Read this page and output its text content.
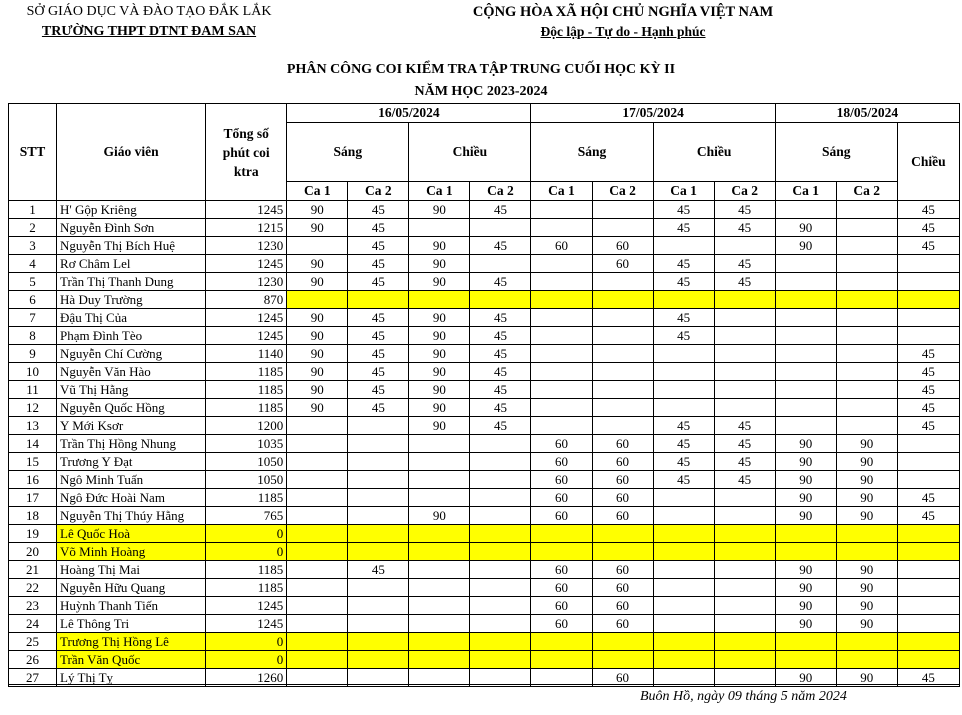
SỞ GIÁO DỤC VÀ ĐÀO TẠO ĐẮK LẮK
TRƯỜNG THPT DTNT ĐAM SAN
CỘNG HÒA XÃ HỘI CHỦ NGHĨA VIỆT NAM
Độc lập - Tự do - Hạnh phúc
PHÂN CÔNG COI KIỂM TRA TẬP TRUNG CUỐI HỌC KỲ II
NĂM HỌC 2023-2024
STT	Giáo viên	Tổng số phút coi ktra	16/05/2024				17/05/2024				18/05/2024		
			Sáng		Chiều		Sáng		Chiều		Sáng		Chiều
			Ca 1	Ca 2	Ca 1	Ca 2	Ca 1	Ca 2	Ca 1	Ca 2	Ca 1	Ca 2	
1	H' Gộp Kriêng	1245	90	45	90	45			45	45			45
2	Nguyễn Đình Sơn	1215	90	45					45	45	90		45
3	Nguyễn Thị Bích Huệ	1230		45	90	45	60	60			90		45
4	Rơ Châm Lel	1245	90	45	90			60	45	45			
5	Trần Thị Thanh Dung	1230	90	45	90	45			45	45			
6	Hà Duy Trường	870											
7	Đậu Thị Của	1245	90	45	90	45			45				
8	Phạm Đình Tèo	1245	90	45	90	45			45				
9	Nguyễn Chí Cường	1140	90	45	90	45							45
10	Nguyễn Văn Hào	1185	90	45	90	45							45
11	Vũ Thị Hằng	1185	90	45	90	45							45
12	Nguyễn Quốc Hồng	1185	90	45	90	45							45
13	Y Mới Ksơr	1200			90	45			45	45			45
14	Trần Thị Hồng Nhung	1035					60	60	45	45	90	90	
15	Trương Y Đạt	1050					60	60	45	45	90	90	
16	Ngô Minh Tuấn	1050					60	60	45	45	90	90	
17	Ngô Đức Hoài Nam	1185					60	60			90	90	45
18	Nguyễn Thị Thúy Hằng	765			90		60	60			90	90	45
19	Lê Quốc Hoà	0											
20	Võ Minh Hoàng	0											
21	Hoàng Thị Mai	1185		45			60	60			90	90	
22	Nguyễn Hữu Quang	1185					60	60			90	90	
23	Huỳnh Thanh Tiến	1245					60	60			90	90	
24	Lê Thông Tri	1245					60	60			90	90	
25	Trương Thị Hồng Lê	0											
26	Trần Văn Quốc	0											
27	Lý Thị Tỵ	1260						60			90	90	45
Buôn Hồ, ngày 09 tháng 5 năm 2024
